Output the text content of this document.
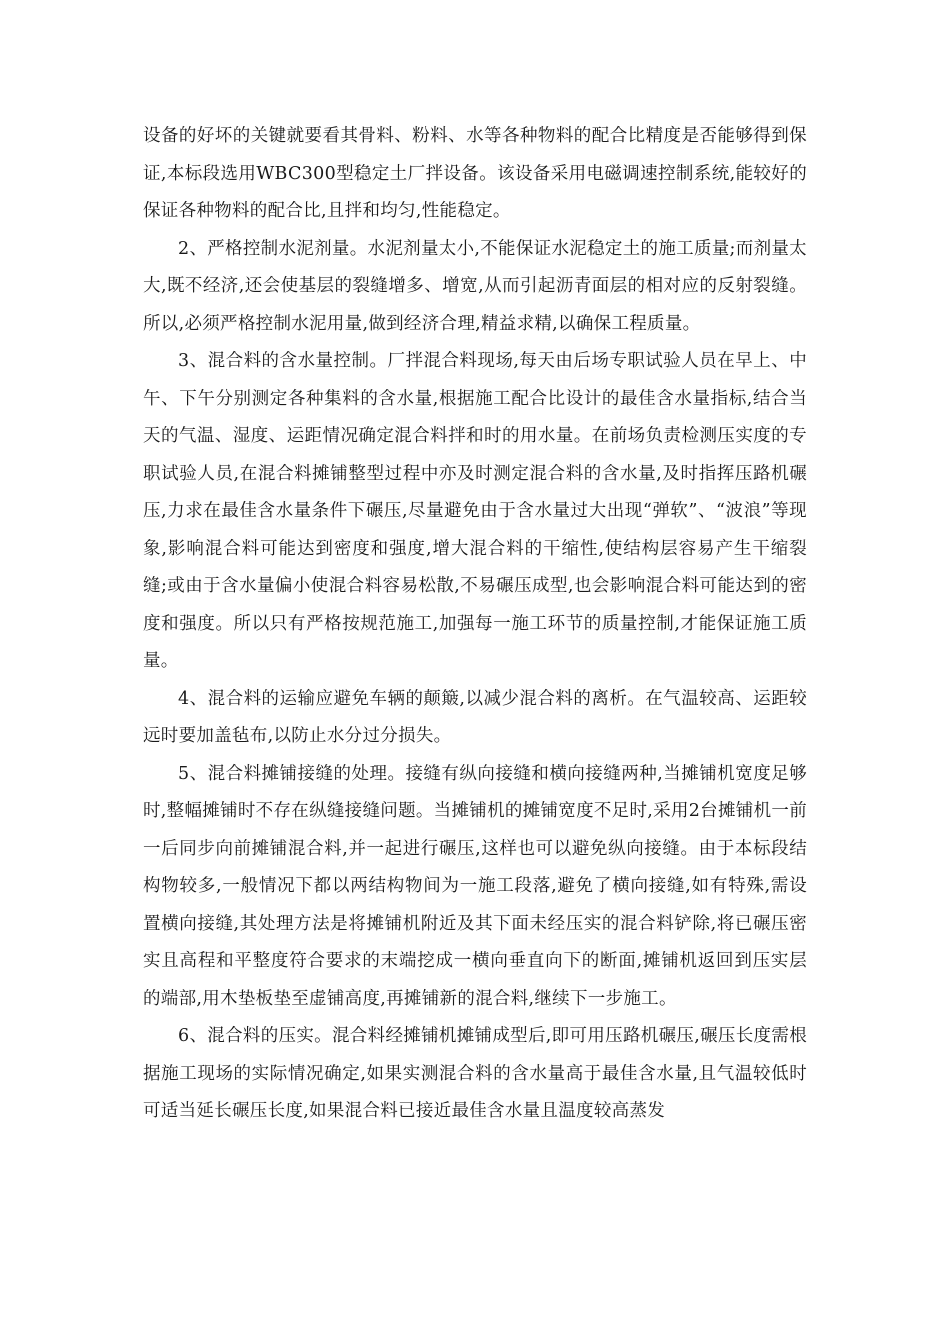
设备的好坏的关键就要看其骨料、粉料、水等各种物料的配合比精度是否能够得到保证,本标段选用WBC300型稳定土厂拌设备。该设备采用电磁调速控制系统,能较好的保证各种物料的配合比,且拌和均匀,性能稳定。

2、严格控制水泥剂量。水泥剂量太小,不能保证水泥稳定土的施工质量;而剂量太大,既不经济,还会使基层的裂缝增多、增宽,从而引起沥青面层的相对应的反射裂缝。所以,必须严格控制水泥用量,做到经济合理,精益求精,以确保工程质量。

3、混合料的含水量控制。厂拌混合料现场,每天由后场专职试验人员在早上、中午、下午分别测定各种集料的含水量,根据施工配合比设计的最佳含水量指标,结合当天的气温、湿度、运距情况确定混合料拌和时的用水量。在前场负责检测压实度的专职试验人员,在混合料摊铺整型过程中亦及时测定混合料的含水量,及时指挥压路机碾压,力求在最佳含水量条件下碾压,尽量避免由于含水量过大出现“弹软”、“波浪”等现象,影响混合料可能达到密度和强度,增大混合料的干缩性,使结构层容易产生干缩裂缝;或由于含水量偏小使混合料容易松散,不易碾压成型,也会影响混合料可能达到的密度和强度。所以只有严格按规范施工,加强每一施工环节的质量控制,才能保证施工质量。

4、混合料的运输应避免车辆的颠簸,以减少混合料的离析。在气温较高、运距较远时要加盖毡布,以防止水分过分损失。

5、混合料摊铺接缝的处理。接缝有纵向接缝和横向接缝两种,当摊铺机宽度足够时,整幅摊铺时不存在纵缝接缝问题。当摊铺机的摊铺宽度不足时,采用2台摊铺机一前一后同步向前摊铺混合料,并一起进行碾压,这样也可以避免纵向接缝。由于本标段结构物较多,一般情况下都以两结构物间为一施工段落,避免了横向接缝,如有特殊,需设置横向接缝,其处理方法是将摊铺机附近及其下面未经压实的混合料铲除,将已碾压密实且高程和平整度符合要求的末端挖成一横向垂直向下的断面,摊铺机返回到压实层的端部,用木垫板垫至虚铺高度,再摊铺新的混合料,继续下一步施工。

6、混合料的压实。混合料经摊铺机摊铺成型后,即可用压路机碾压,碾压长度需根据施工现场的实际情况确定,如果实测混合料的含水量高于最佳含水量,且气温较低时可适当延长碾压长度,如果混合料已接近最佳含水量且温度较高蒸发
